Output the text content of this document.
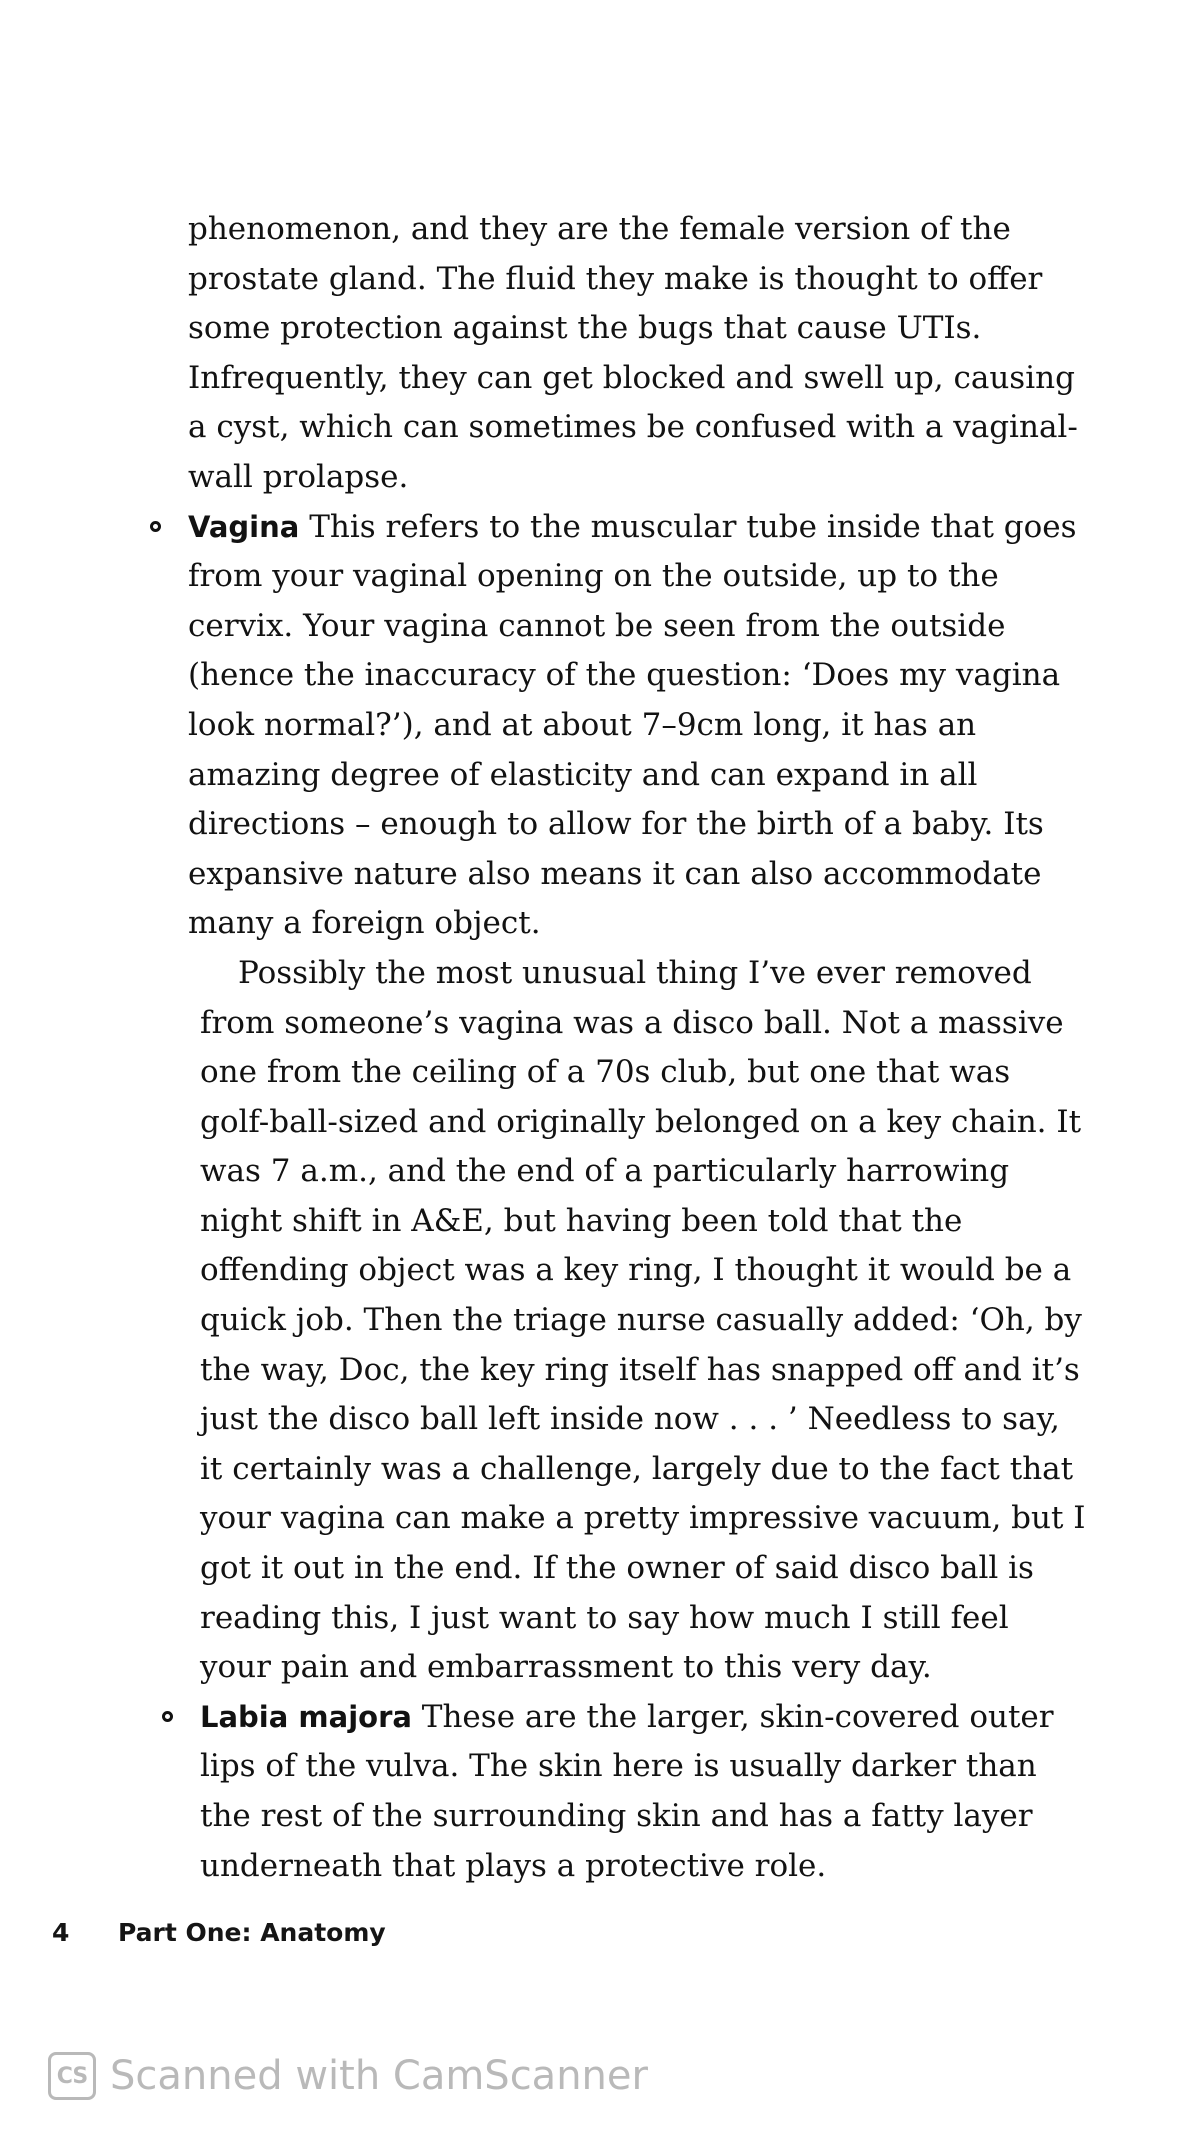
phenomenon, and they are the female version of the prostate gland. The fluid they make is thought to offer some protection against the bugs that cause UTIs. Infrequently, they can get blocked and swell up, causing a cyst, which can sometimes be confused with a vaginal-wall prolapse.

Vagina This refers to the muscular tube inside that goes from your vaginal opening on the outside, up to the cervix. Your vagina cannot be seen from the outside (hence the inaccuracy of the question: ‘Does my vagina look normal?’), and at about 7–9cm long, it has an amazing degree of elasticity and can expand in all directions – enough to allow for the birth of a baby. Its expansive nature also means it can also accommodate many a foreign object.

Possibly the most unusual thing I’ve ever removed from someone’s vagina was a disco ball. Not a massive one from the ceiling of a 70s club, but one that was golf-ball-sized and originally belonged on a key chain. It was 7 a.m., and the end of a particularly harrowing night shift in A&E, but having been told that the offending object was a key ring, I thought it would be a quick job. Then the triage nurse casually added: ‘Oh, by the way, Doc, the key ring itself has snapped off and it’s just the disco ball left inside now . . . ’ Needless to say, it certainly was a challenge, largely due to the fact that your vagina can make a pretty impressive vacuum, but I got it out in the end. If the owner of said disco ball is reading this, I just want to say how much I still feel your pain and embarrassment to this very day.

Labia majora These are the larger, skin-covered outer lips of the vulva. The skin here is usually darker than the rest of the surrounding skin and has a fatty layer underneath that plays a protective role.

4 Part One: Anatomy
CS Scanned with CamScanner
